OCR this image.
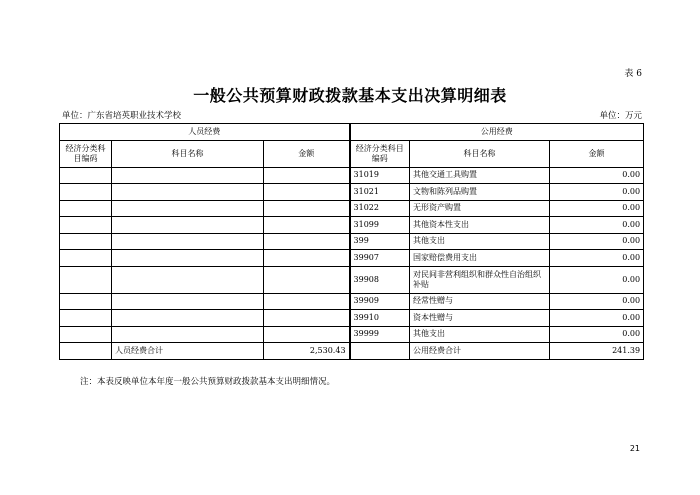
表 6
一般公共预算财政拨款基本支出决算明细表
单位：广东省培英职业技术学校	单位：万元
人员经费			公用经费		
经济分类科目编码	科目名称	金额	经济分类科目编码	科目名称	金额
			31019	其他交通工具购置	0.00
			31021	文物和陈列品购置	0.00
			31022	无形资产购置	0.00
			31099	其他资本性支出	0.00
			399	其他支出	0.00
			39907	国家赔偿费用支出	0.00
			39908	对民间非营利组织和群众性自治组织补贴	0.00
			39909	经常性赠与	0.00
			39910	资本性赠与	0.00
			39999	其他支出	0.00
	人员经费合计	2,530.43		公用经费合计	241.39
注：本表反映单位本年度一般公共预算财政拨款基本支出明细情况。
21
